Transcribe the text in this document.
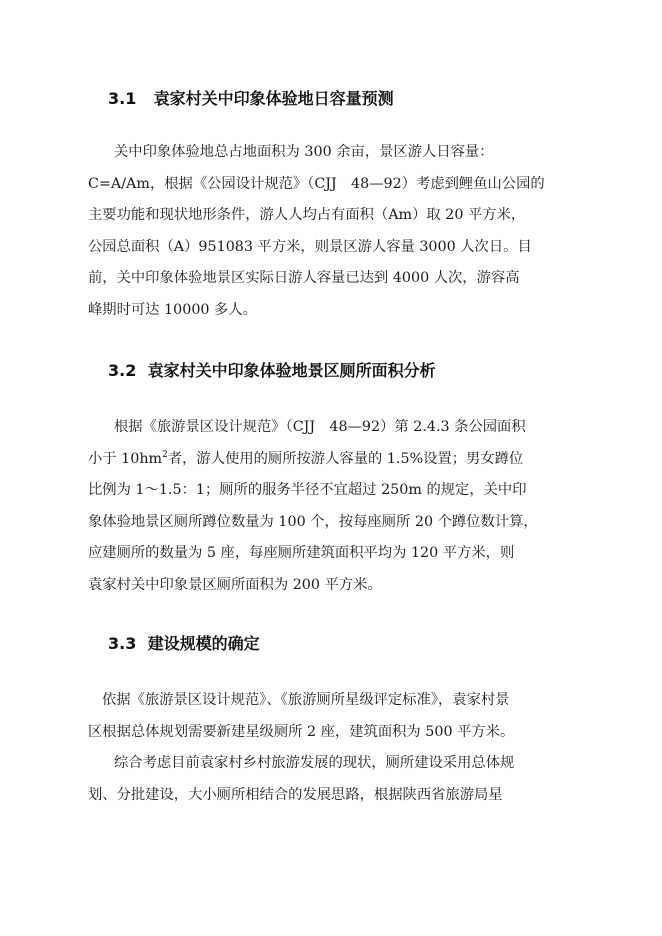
3.1 袁家村关中印象体验地日容量预测
关中印象体验地总占地面积为 300 余亩，景区游人日容量：
C=A/Am，根据《公园设计规范》（CJJ　48—92）考虑到鲤鱼山公园的
主要功能和现状地形条件，游人人均占有面积（Am）取 20 平方米，
公园总面积（A）951083 平方米，则景区游人容量 3000 人次日。目
前，关中印象体验地景区实际日游人容量已达到 4000 人次，游容高
峰期时可达 10000 多人。
3.2 袁家村关中印象体验地景区厕所面积分析
根据《旅游景区设计规范》（CJJ　48—92）第 2.4.3 条公园面积
小于 $10hm^2$者，游人使用的厕所按游人容量的 1.5%设置；男女蹲位
比例为 1～1.5：1；厕所的服务半径不宜超过 250m 的规定，关中印
象体验地景区厕所蹲位数量为 100 个，按每座厕所 20 个蹲位数计算，
应建厕所的数量为 5 座，每座厕所建筑面积平均为 120 平方米，则
袁家村关中印象景区厕所面积为 200 平方米。
3.3 建设规模的确定
依据《旅游景区设计规范》、《旅游厕所星级评定标准》，袁家村景
区根据总体规划需要新建星级厕所 2 座，建筑面积为 500 平方米。
综合考虑目前袁家村乡村旅游发展的现状，厕所建设采用总体规
划、分批建设，大小厕所相结合的发展思路，根据陕西省旅游局星
